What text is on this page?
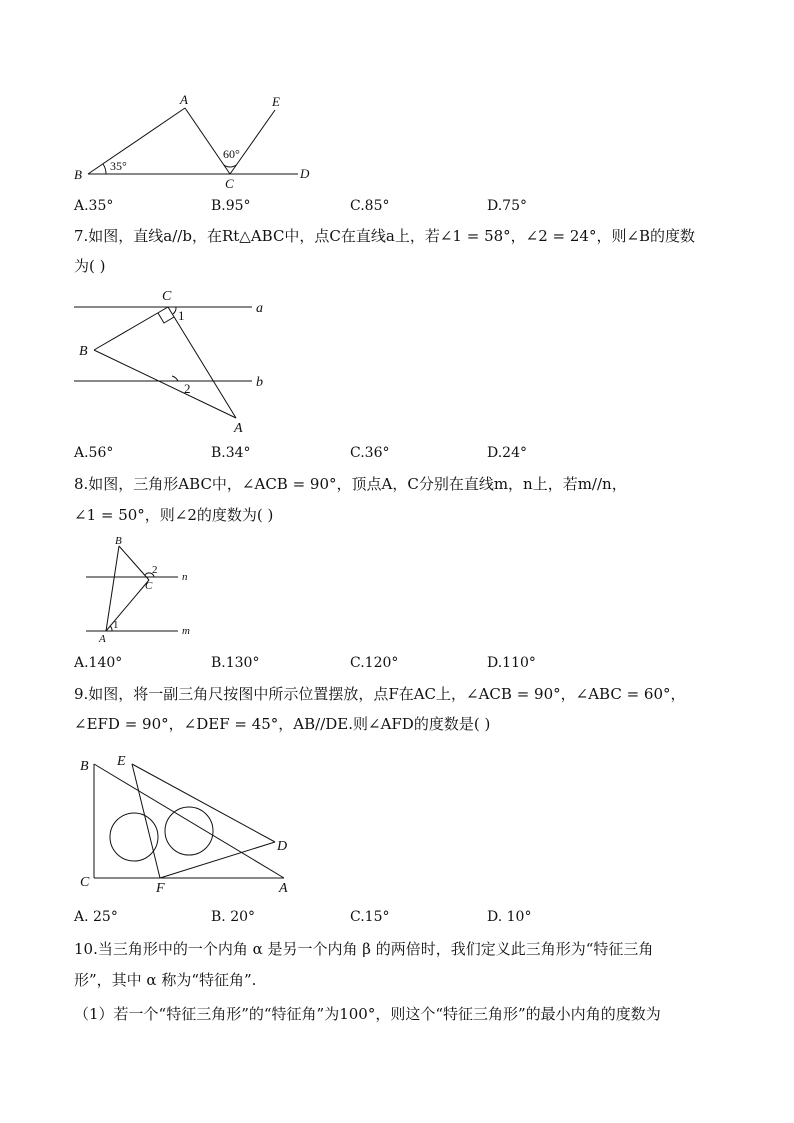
A
B
C
D
E
35°
60°
A.35°	B.95°	C.85°	D.75°
7.如图，直线a//b，在Rt△ABC中，点C在直线a上，若∠1 = 58°，∠2 = 24°，则∠B的度数
为( )
C
B
A
a
b
1
2
A.56°	B.34°	C.36°	D.24°
8.如图，三角形ABC中，∠ACB = 90°，顶点A，C分别在直线m，n上，若m//n，
∠1 = 50°，则∠2的度数为( )
B
C
A
n
m
1
2
A.140°	B.130°	C.120°	D.110°
9.如图，将一副三角尺按图中所示位置摆放，点F在AC上，∠ACB = 90°，∠ABC = 60°，
∠EFD = 90°，∠DEF = 45°，AB//DE.则∠AFD的度数是( )
B E
D
C	F	A
A. 25°	B. 20°	C.15°	D. 10°
10.当三角形中的一个内角 α 是另一个内角 β 的两倍时，我们定义此三角形为“特征三角
形”，其中 α 称为“特征角”.
（1）若一个“特征三角形”的“特征角”为100°，则这个“特征三角形”的最小内角的度数为
